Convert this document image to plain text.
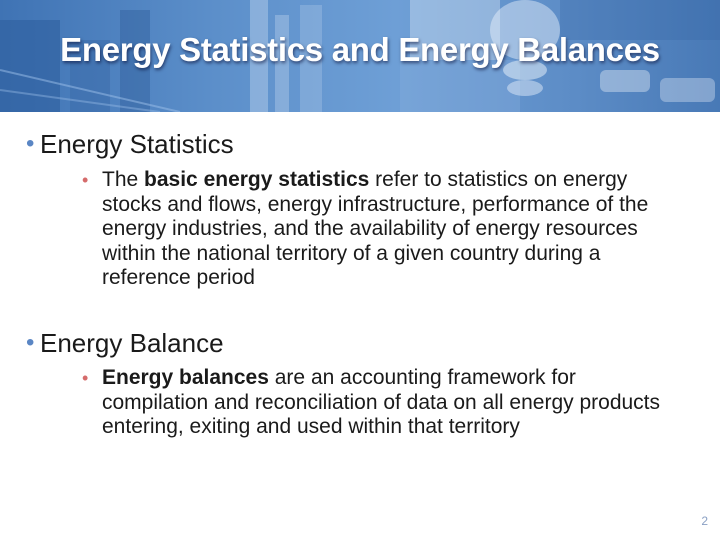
Energy Statistics and Energy Balances
• Energy Statistics
• The basic energy statistics refer to statistics on energy stocks and flows, energy infrastructure, performance of the energy industries, and the availability of energy resources within the national territory of a given country during a reference period
• Energy Balance
• Energy balances are an accounting framework for compilation and reconciliation of data on all energy products entering, exiting and used within that territory
2
